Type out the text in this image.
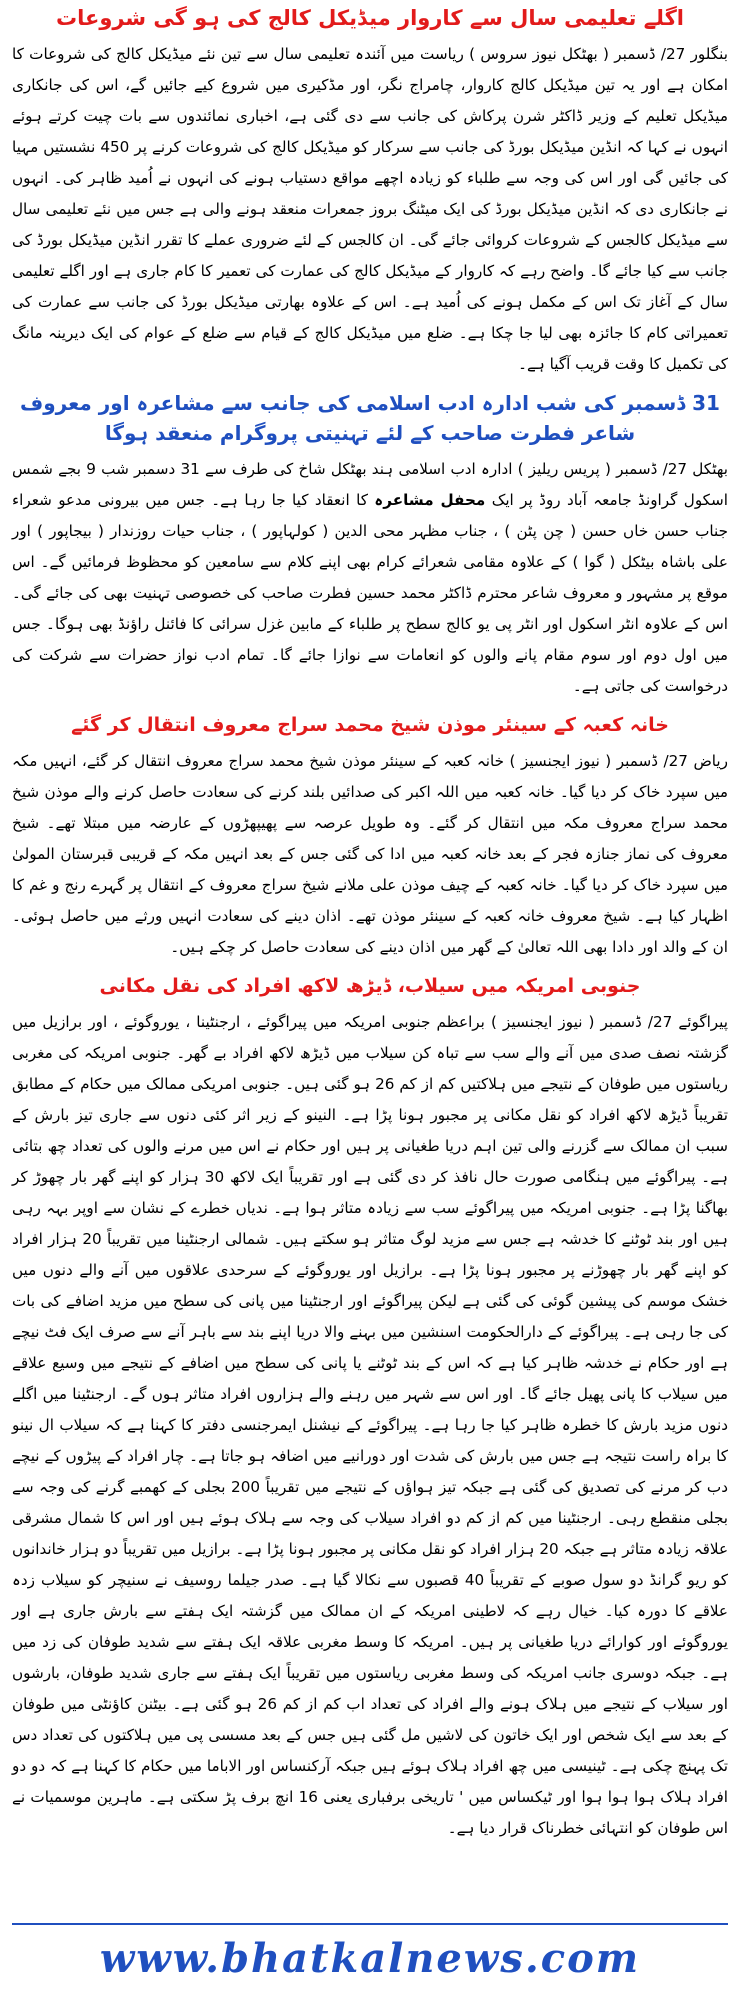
اگلے تعلیمی سال سے کاروار میڈیکل کالج کی ہو گی شروعات

بنگلور 27/ ڈسمبر ( بھٹکل نیوز سروس ) ریاست میں آئندہ تعلیمی سال سے تین نئے میڈیکل کالج کی شروعات کا امکان ہے اور یہ تین میڈیکل کالج کاروار، چامراج نگر، اور مڈکیری میں شروع کیے جائیں گے، اس کی جانکاری میڈیکل تعلیم کے وزیر ڈاکٹر شرن پرکاش کی جانب سے دی گئی ہے، اخباری نمائندوں سے بات چیت کرتے ہوئے انہوں نے کہا کہ انڈین میڈیکل بورڈ کی جانب سے سرکار کو میڈیکل کالج کی شروعات کرنے پر 450 نشستیں مہیا کی جائیں گی اور اس کی وجہ سے طلباء کو زیادہ اچھے مواقع دستیاب ہونے کی انہوں نے اُمید ظاہر کی۔ انہوں نے جانکاری دی کہ انڈین میڈیکل بورڈ کی ایک میٹنگ بروز جمعرات منعقد ہونے والی ہے جس میں نئے تعلیمی سال سے میڈیکل کالجس کے شروعات کروائی جائے گی۔ ان کالجس کے لئے ضروری عملے کا تقرر انڈین میڈیکل بورڈ کی جانب سے کیا جائے گا۔ واضح رہے کہ کاروار کے میڈیکل کالج کی عمارت کی تعمیر کا کام جاری ہے اور اگلے تعلیمی سال کے آغاز تک اس کے مکمل ہونے کی اُمید ہے۔ اس کے علاوہ بھارتی میڈیکل بورڈ کی جانب سے عمارت کی تعمیراتی کام کا جائزہ بھی لیا جا چکا ہے۔ ضلع میں میڈیکل کالج کے قیام سے ضلع کے عوام کی ایک دیرینہ مانگ کی تکمیل کا وقت قریب آگیا ہے۔

31 ڈسمبر کی شب ادارہ ادب اسلامی کی جانب سے مشاعرہ اور معروف شاعر فطرت صاحب کے لئے تہنیتی پروگرام منعقد ہوگا

بھٹکل 27/ ڈسمبر ( پریس ریلیز ) ادارہ ادب اسلامی ہند بھٹکل شاخ کی طرف سے 31 دسمبر شب 9 بجے شمس اسکول گراونڈ جامعہ آباد روڈ پر ایک محفل مشاعرہ کا انعقاد کیا جا رہا ہے۔ جس میں بیرونی مدعو شعراء جناب حسن خاں حسن ( چن پٹن ) ، جناب مظہر محی الدین ( کولہاپور ) ، جناب حیات روزندار ( بیجاپور ) اور علی باشاہ بیٹکل ( گوا ) کے علاوہ مقامی شعرائے کرام بھی اپنے کلام سے سامعین کو محظوظ فرمائیں گے۔ اس موقع پر مشہور و معروف شاعر محترم ڈاکٹر محمد حسین فطرت صاحب کی خصوصی تہنیت بھی کی جائے گی۔ اس کے علاوہ انٹر اسکول اور انٹر پی یو کالج سطح پر طلباء کے مابین غزل سرائی کا فائنل راؤنڈ بھی ہوگا۔ جس میں اول دوم اور سوم مقام پانے والوں کو انعامات سے نوازا جائے گا۔ تمام ادب نواز حضرات سے شرکت کی درخواست کی جاتی ہے۔

خانہ کعبہ کے سینئر موذن شیخ محمد سراج معروف انتقال کر گئے

ریاض 27/ ڈسمبر ( نیوز ایجنسیز ) خانہ کعبہ کے سینئر موذن شیخ محمد سراج معروف انتقال کر گئے، انہیں مکہ میں سپرد خاک کر دیا گیا۔ خانہ کعبہ میں اللہ اکبر کی صدائیں بلند کرنے کی سعادت حاصل کرنے والے موذن شیخ محمد سراج معروف مکہ میں انتقال کر گئے۔ وہ طویل عرصہ سے پھیپھڑوں کے عارضہ میں مبتلا تھے۔ شیخ معروف کی نماز جنازہ فجر کے بعد خانہ کعبہ میں ادا کی گئی جس کے بعد انہیں مکہ کے قریبی قبرستان المولیٰ میں سپرد خاک کر دیا گیا۔ خانہ کعبہ کے چیف موذن علی ملانے شیخ سراج معروف کے انتقال پر گہرے رنج و غم کا اظہار کیا ہے۔ شیخ معروف خانہ کعبہ کے سینئر موذن تھے۔ اذان دینے کی سعادت انہیں ورثے میں حاصل ہوئی۔ ان کے والد اور دادا بھی اللہ تعالیٰ کے گھر میں اذان دینے کی سعادت حاصل کر چکے ہیں۔

جنوبی امریکہ میں سیلاب، ڈیڑھ لاکھ افراد کی نقل مکانی

پیراگوئے 27/ ڈسمبر ( نیوز ایجنسیز ) براعظم جنوبی امریکہ میں پیراگوئے ، ارجنٹینا ، یوروگوئے ، اور برازیل میں گزشتہ نصف صدی میں آنے والے سب سے تباہ کن سیلاب میں ڈیڑھ لاکھ افراد بے گھر۔ جنوبی امریکہ کی مغربی ریاستوں میں طوفان کے نتیجے میں ہلاکتیں کم از کم 26 ہو گئی ہیں۔ جنوبی امریکی ممالک میں حکام کے مطابق تقریباً ڈیڑھ لاکھ افراد کو نقل مکانی پر مجبور ہونا پڑا ہے۔ النینو کے زیر اثر کئی دنوں سے جاری تیز بارش کے سبب ان ممالک سے گزرنے والی تین اہم دریا طغیانی پر ہیں اور حکام نے اس میں مرنے والوں کی تعداد چھ بتائی ہے۔ پیراگوئے میں ہنگامی صورت حال نافذ کر دی گئی ہے اور تقریباً ایک لاکھ 30 ہزار کو اپنے گھر بار چھوڑ کر بھاگنا پڑا ہے۔ جنوبی امریکہ میں پیراگوئے سب سے زیادہ متاثر ہوا ہے۔ ندیاں خطرے کے نشان سے اوپر بہہ رہی ہیں اور بند ٹوٹنے کا خدشہ ہے جس سے مزید لوگ متاثر ہو سکتے ہیں۔ شمالی ارجنٹینا میں تقریباً 20 ہزار افراد کو اپنے گھر بار چھوڑنے پر مجبور ہونا پڑا ہے۔ برازیل اور یوروگوئے کے سرحدی علاقوں میں آنے والے دنوں میں خشک موسم کی پیشین گوئی کی گئی ہے لیکن پیراگوئے اور ارجنٹینا میں پانی کی سطح میں مزید اضافے کی بات کی جا رہی ہے۔ پیراگوئے کے دارالحکومت اسنشین میں بہنے والا دریا اپنے بند سے باہر آنے سے صرف ایک فٹ نیچے ہے اور حکام نے خدشہ ظاہر کیا ہے کہ اس کے بند ٹوٹنے یا پانی کی سطح میں اضافے کے نتیجے میں وسیع علاقے میں سیلاب کا پانی پھیل جائے گا۔ اور اس سے شہر میں رہنے والے ہزاروں افراد متاثر ہوں گے۔ ارجنٹینا میں اگلے دنوں مزید بارش کا خطرہ ظاہر کیا جا رہا ہے۔ پیراگوئے کے نیشنل ایمرجنسی دفتر کا کہنا ہے کہ سیلاب ال نینو کا براہ راست نتیجہ ہے جس میں بارش کی شدت اور دورانیے میں اضافہ ہو جاتا ہے۔ چار افراد کے پیڑوں کے نیچے دب کر مرنے کی تصدیق کی گئی ہے جبکہ تیز ہواؤں کے نتیجے میں تقریباً 200 بجلی کے کھمبے گرنے کی وجہ سے بجلی منقطع رہی۔ ارجنٹینا میں کم از کم دو افراد سیلاب کی وجہ سے ہلاک ہوئے ہیں اور اس کا شمال مشرقی علاقہ زیادہ متاثر ہے جبکہ 20 ہزار افراد کو نقل مکانی پر مجبور ہونا پڑا ہے۔ برازیل میں تقریباً دو ہزار خاندانوں کو ریو گرانڈ دو سول صوبے کے تقریباً 40 قصبوں سے نکالا گیا ہے۔ صدر جیلما روسیف نے سنیچر کو سیلاب زدہ علاقے کا دورہ کیا۔ خیال رہے کہ لاطینی امریکہ کے ان ممالک میں گزشتہ ایک ہفتے سے بارش جاری ہے اور یوروگوئے اور کوارائے دریا طغیانی پر ہیں۔ امریکہ کا وسط مغربی علاقہ ایک ہفتے سے شدید طوفان کی زد میں ہے۔ جبکہ دوسری جانب امریکہ کی وسط مغربی ریاستوں میں تقریباً ایک ہفتے سے جاری شدید طوفان، بارشوں اور سیلاب کے نتیجے میں ہلاک ہونے والے افراد کی تعداد اب کم از کم 26 ہو گئی ہے۔ بیٹنن کاؤنٹی میں طوفان کے بعد سے ایک شخص اور ایک خاتون کی لاشیں مل گئی ہیں جس کے بعد مسسی پی میں ہلاکتوں کی تعداد دس تک پہنچ چکی ہے۔ ٹینیسی میں چھ افراد ہلاک ہوئے ہیں جبکہ آرکنساس اور الاباما میں حکام کا کہنا ہے کہ دو دو افراد ہلاک ہوا ہوا ہوا اور ٹیکساس میں ' تاریخی برفباری یعنی 16 انچ برف پڑ سکتی ہے۔ ماہرین موسمیات نے اس طوفان کو انتہائی خطرناک قرار دیا ہے۔

www.bhatkalnews.com
